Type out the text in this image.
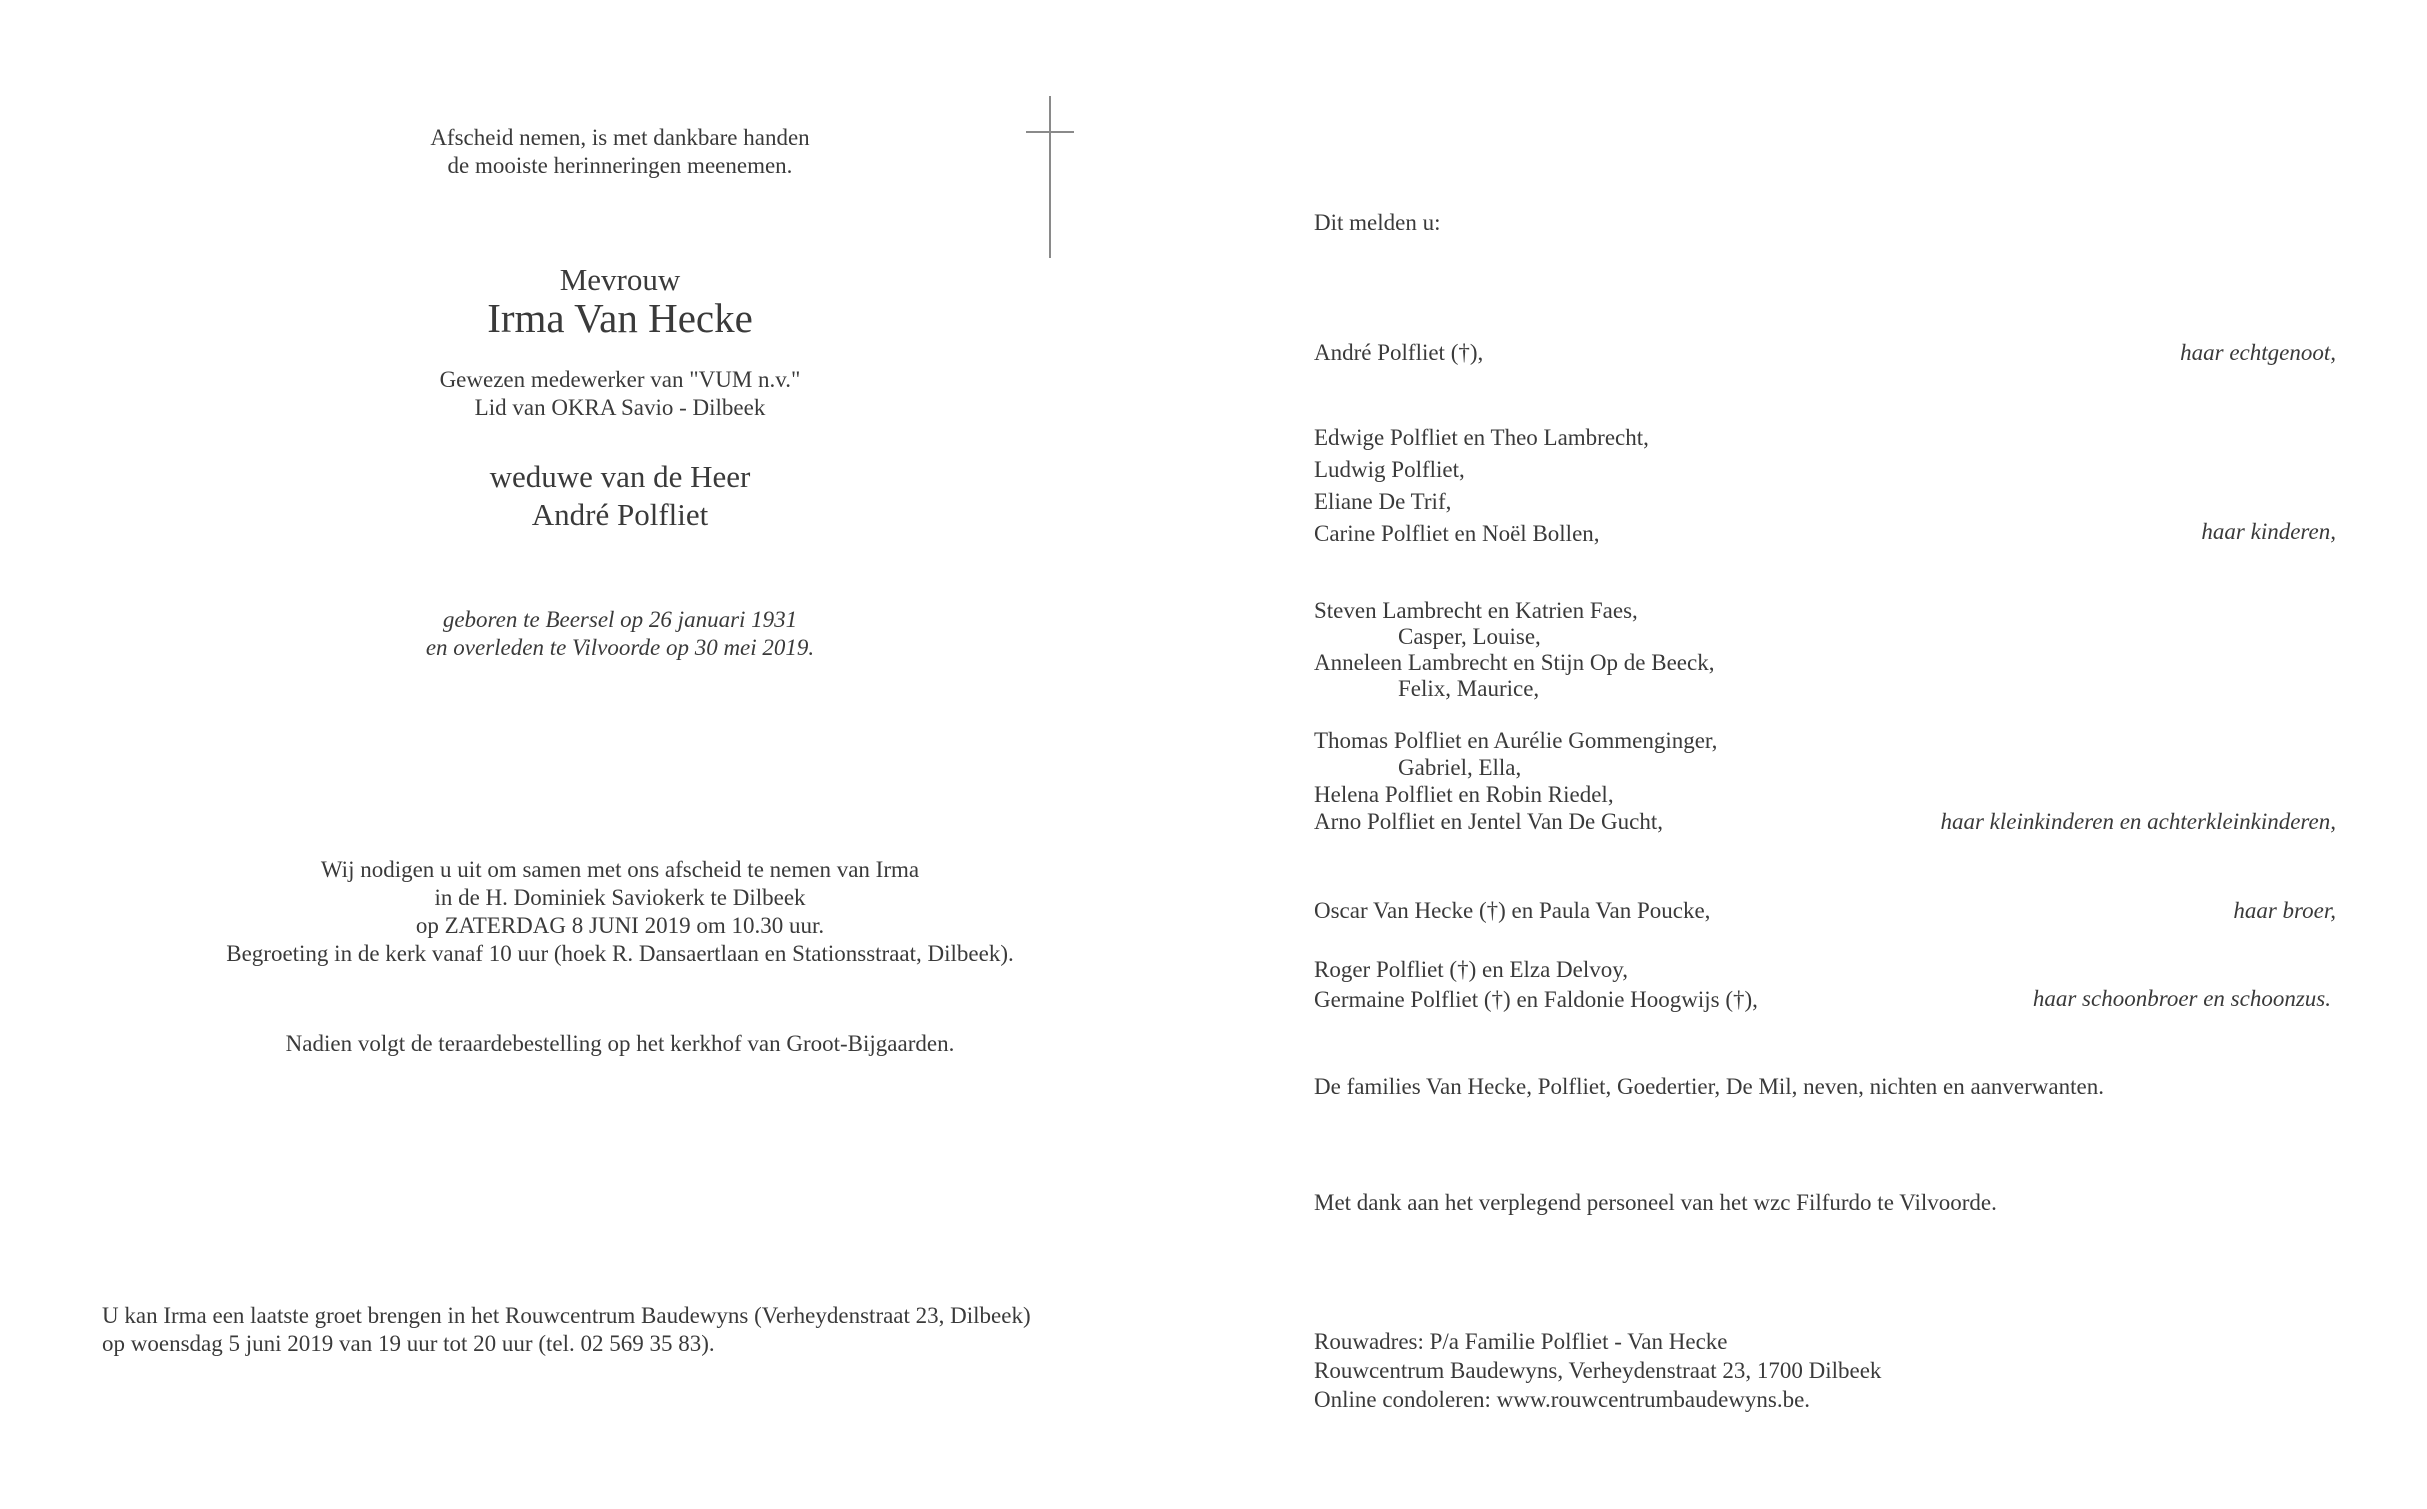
Afscheid nemen, is met dankbare handen
de mooiste herinneringen meenemen.
Mevrouw
Irma Van Hecke
Gewezen medewerker van "VUM n.v."
Lid van OKRA Savio - Dilbeek
weduwe van de Heer
André Polfliet
geboren te Beersel op 26 januari 1931
en overleden te Vilvoorde op 30 mei 2019.
Wij nodigen u uit om samen met ons afscheid te nemen van Irma
in de H. Dominiek Saviokerk te Dilbeek
op ZATERDAG 8 JUNI 2019 om 10.30 uur.
Begroeting in de kerk vanaf 10 uur (hoek R. Dansaertlaan en Stationsstraat, Dilbeek).
Nadien volgt de teraardebestelling op het kerkhof van Groot-Bijgaarden.
U kan Irma een laatste groet brengen in het Rouwcentrum Baudewyns (Verheydenstraat 23, Dilbeek)
op woensdag 5 juni 2019 van 19 uur tot 20 uur (tel. 02 569 35 83).
Dit melden u:
André Polfliet (†),	haar echtgenoot,
Edwige Polfliet en Theo Lambrecht,
Ludwig Polfliet,
Eliane De Trif,
Carine Polfliet en Noël Bollen,	haar kinderen,
Steven Lambrecht en Katrien Faes,
Casper, Louise,
Anneleen Lambrecht en Stijn Op de Beeck,
Felix, Maurice,
Thomas Polfliet en Aurélie Gommenginger,
Gabriel, Ella,
Helena Polfliet en Robin Riedel,
Arno Polfliet en Jentel Van De Gucht,	haar kleinkinderen en achterkleinkinderen,
Oscar Van Hecke (†) en Paula Van Poucke,	haar broer,
Roger Polfliet (†) en Elza Delvoy,
Germaine Polfliet (†) en Faldonie Hoogwijs (†),	haar schoonbroer en schoonzus.
De families Van Hecke, Polfliet, Goedertier, De Mil, neven, nichten en aanverwanten.
Met dank aan het verplegend personeel van het wzc Filfurdo te Vilvoorde.
Rouwadres: P/a Familie Polfliet - Van Hecke
Rouwcentrum Baudewyns, Verheydenstraat 23, 1700 Dilbeek
Online condoleren: www.rouwcentrumbaudewyns.be.
